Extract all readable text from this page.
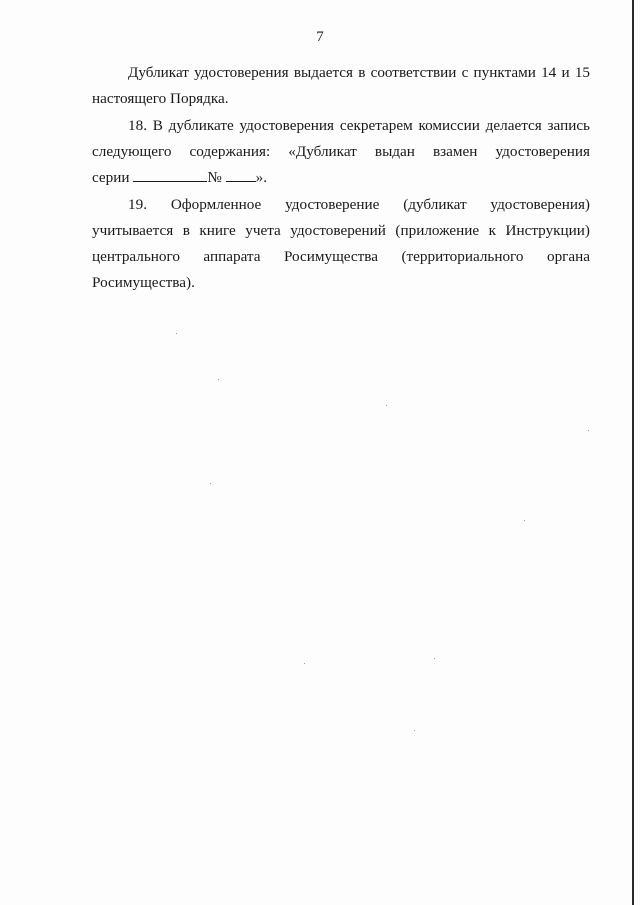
7

Дубликат удостоверения выдается в соответствии с пунктами 14 и 15

настоящего Порядка.

18. В дубликате удостоверения секретарем комиссии делается запись следующего содержания: «Дубликат выдан взамен удостоверения

серии	№ ».

19. Оформленное удостоверение (дубликат удостоверения) учитывается в книге учета удостоверений (приложение к Инструкции) центрального аппарата Росимущества (территориального органа Росимущества).
